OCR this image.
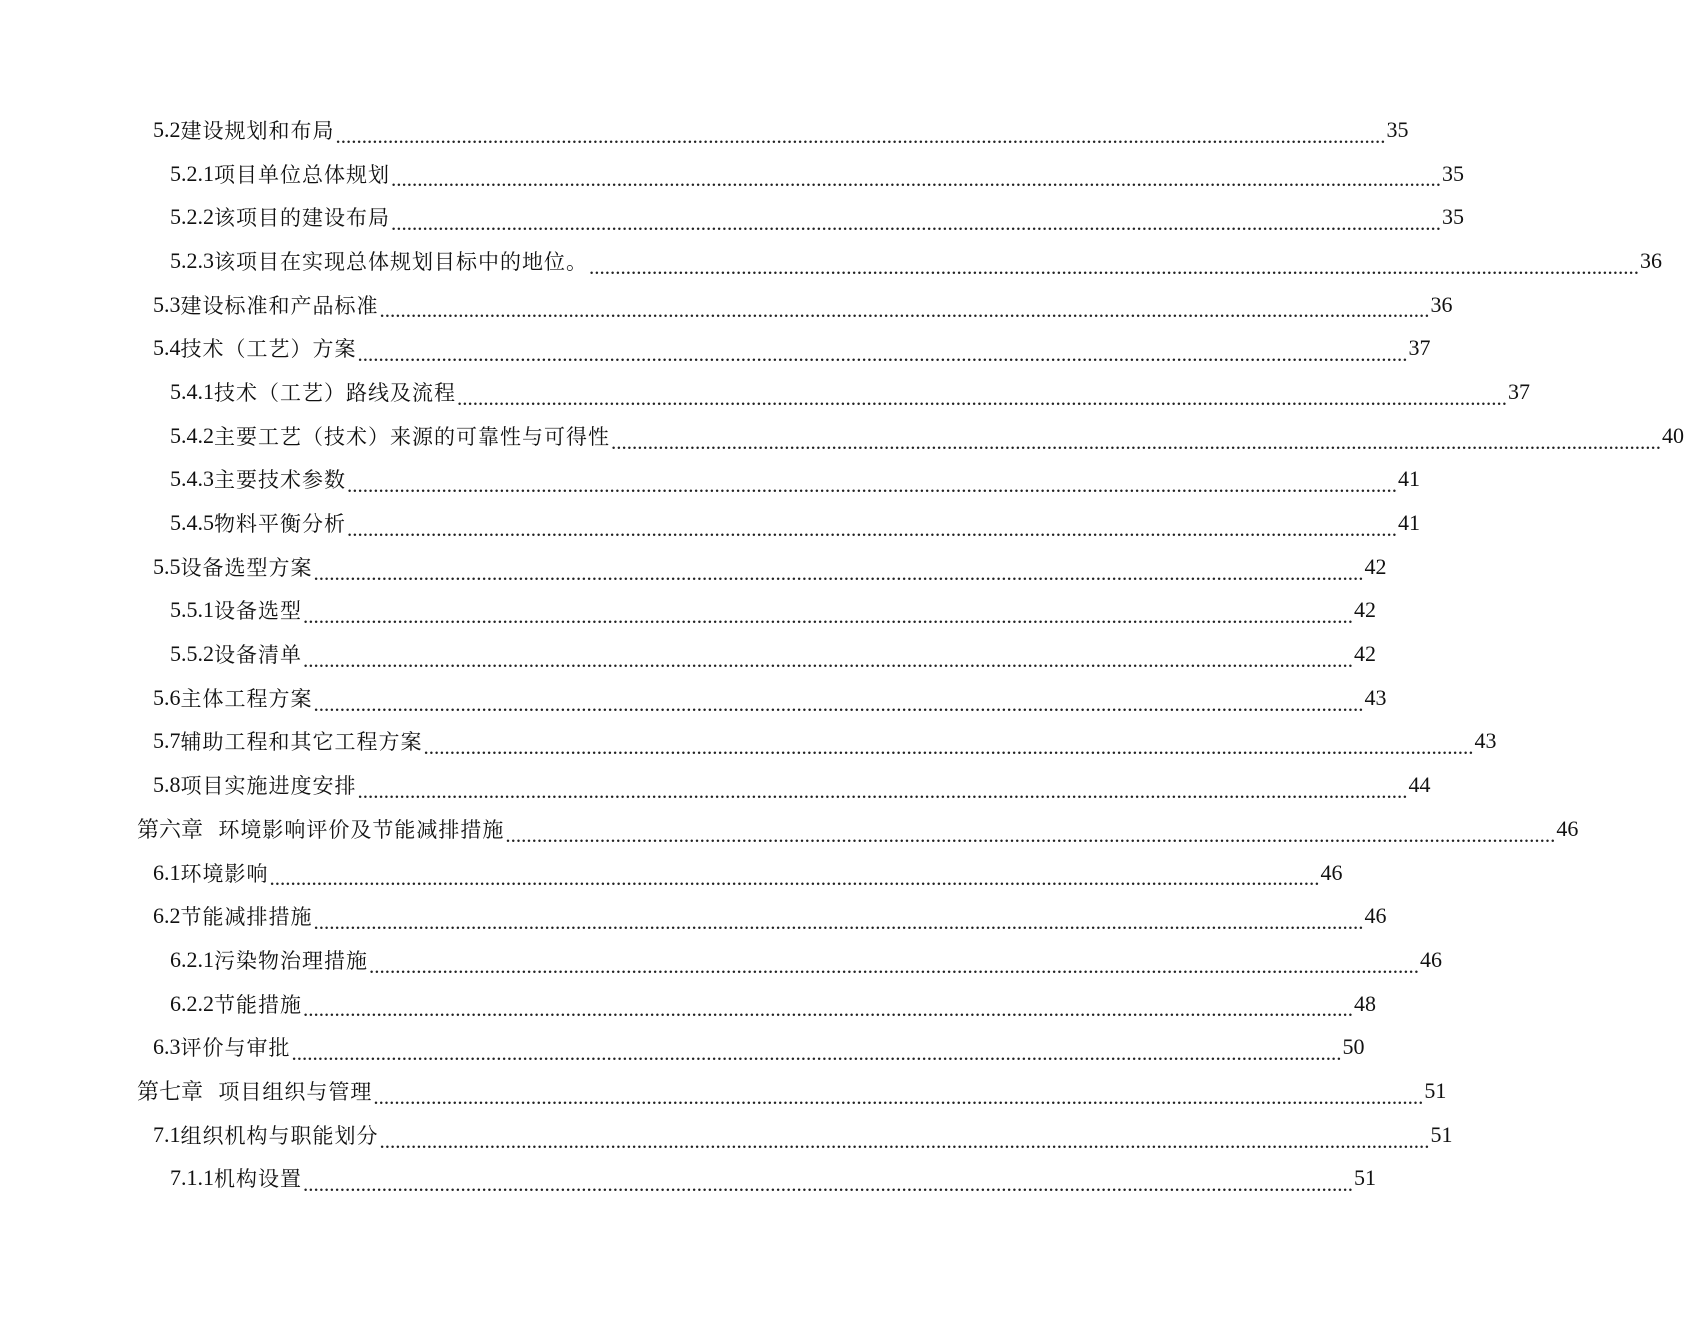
5.2 建设规划和布局 ........................................................................................................................................................................................................ 35
5.2.1 项目单位总体规划 ........................................................................................................................................................................................................ 35
5.2.2 该项目的建设布局 ........................................................................................................................................................................................................ 35
5.2.3 该项目在实现总体规划目标中的地位。 ........................................................................................................................................................................................................ 36
5.3 建设标准和产品标准 ........................................................................................................................................................................................................ 36
5.4 技术（工艺）方案 ........................................................................................................................................................................................................ 37
5.4.1 技术（工艺）路线及流程 ........................................................................................................................................................................................................ 37
5.4.2 主要工艺（技术）来源的可靠性与可得性 ........................................................................................................................................................................................................ 40
5.4.3 主要技术参数 ........................................................................................................................................................................................................ 41
5.4.5 物料平衡分析 ........................................................................................................................................................................................................ 41
5.5 设备选型方案 ........................................................................................................................................................................................................ 42
5.5.1 设备选型 ........................................................................................................................................................................................................ 42
5.5.2 设备清单 ........................................................................................................................................................................................................ 42
5.6 主体工程方案 ........................................................................................................................................................................................................ 43
5.7 辅助工程和其它工程方案 ........................................................................................................................................................................................................ 43
5.8 项目实施进度安排 ........................................................................................................................................................................................................ 44
第六章 环境影响评价及节能减排措施 ........................................................................................................................................................................................................ 46
6.1 环境影响 ........................................................................................................................................................................................................ 46
6.2 节能减排措施 ........................................................................................................................................................................................................ 46
6.2.1 污染物治理措施 ........................................................................................................................................................................................................ 46
6.2.2 节能措施 ........................................................................................................................................................................................................ 48
6.3 评价与审批 ........................................................................................................................................................................................................ 50
第七章 项目组织与管理 ........................................................................................................................................................................................................ 51
7.1 组织机构与职能划分 ........................................................................................................................................................................................................ 51
7.1.1 机构设置 ........................................................................................................................................................................................................ 51
